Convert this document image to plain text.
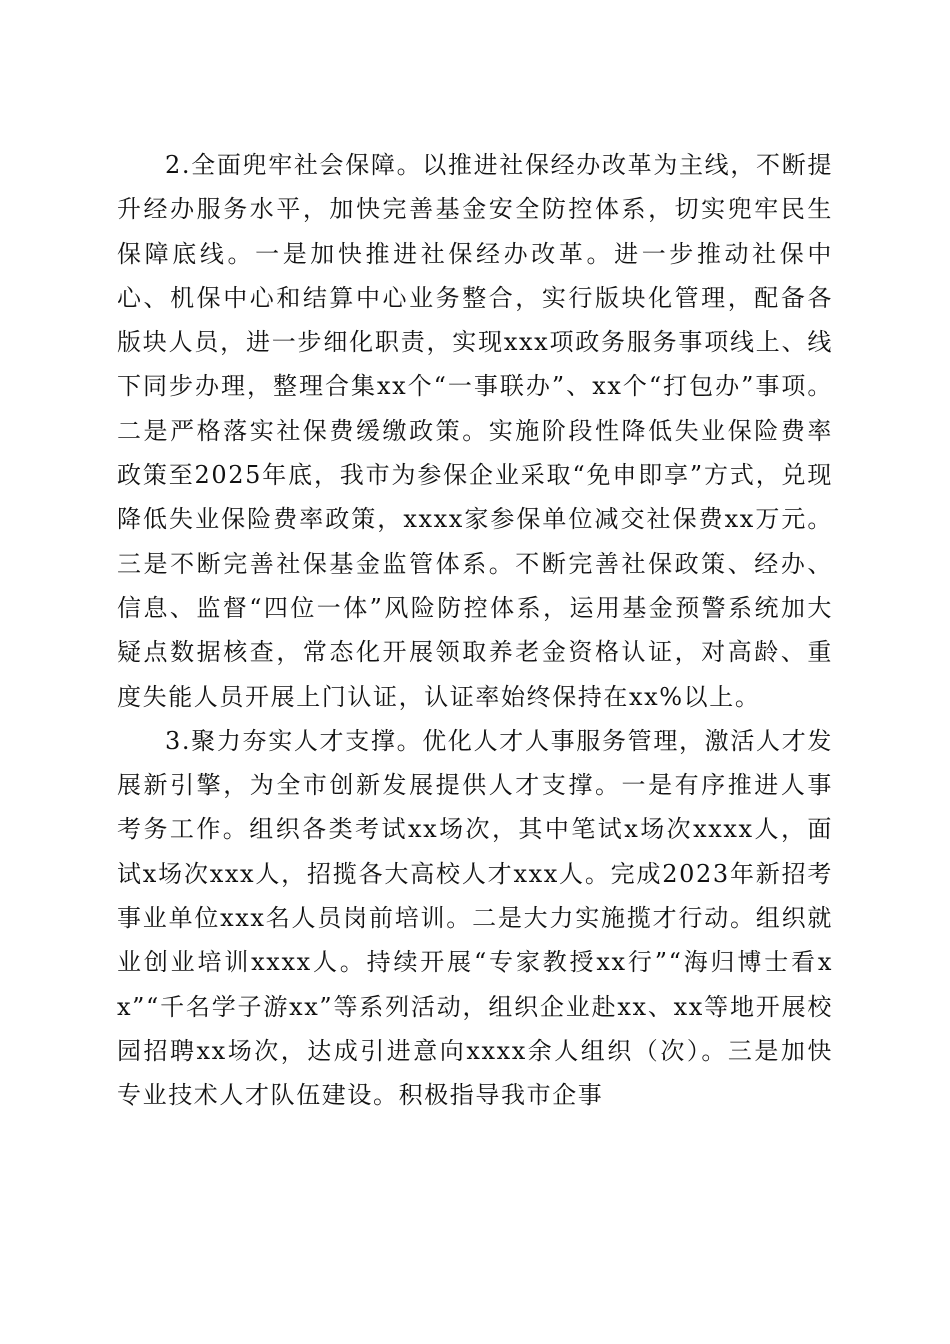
2.全面兜牢社会保障。以推进社保经办改革为主线，不断提升经办服务水平，加快完善基金安全防控体系，切实兜牢民生保障底线。一是加快推进社保经办改革。进一步推动社保中心、机保中心和结算中心业务整合，实行版块化管理，配备各版块人员，进一步细化职责，实现xxx项政务服务事项线上、线下同步办理，整理合集xx个“一事联办”、xx个“打包办”事项。二是严格落实社保费缓缴政策。实施阶段性降低失业保险费率政策至2025年底，我市为参保企业采取“免申即享”方式，兑现降低失业保险费率政策，xxxx家参保单位减交社保费xx万元。三是不断完善社保基金监管体系。不断完善社保政策、经办、信息、监督“四位一体”风险防控体系，运用基金预警系统加大疑点数据核查，常态化开展领取养老金资格认证，对高龄、重度失能人员开展上门认证，认证率始终保持在xx%以上。

3.聚力夯实人才支撑。优化人才人事服务管理，激活人才发展新引擎，为全市创新发展提供人才支撑。一是有序推进人事考务工作。组织各类考试xx场次，其中笔试x场次xxxx人，面试x场次xxx人，招揽各大高校人才xxx人。完成2023年新招考事业单位xxx名人员岗前培训。二是大力实施揽才行动。组织就业创业培训xxxx人。持续开展“专家教授xx行”“海归博士看xx”“千名学子游xx”等系列活动，组织企业赴xx、xx等地开展校园招聘xx场次，达成引进意向xxxx余人组织（次）。三是加快专业技术人才队伍建设。积极指导我市企事
